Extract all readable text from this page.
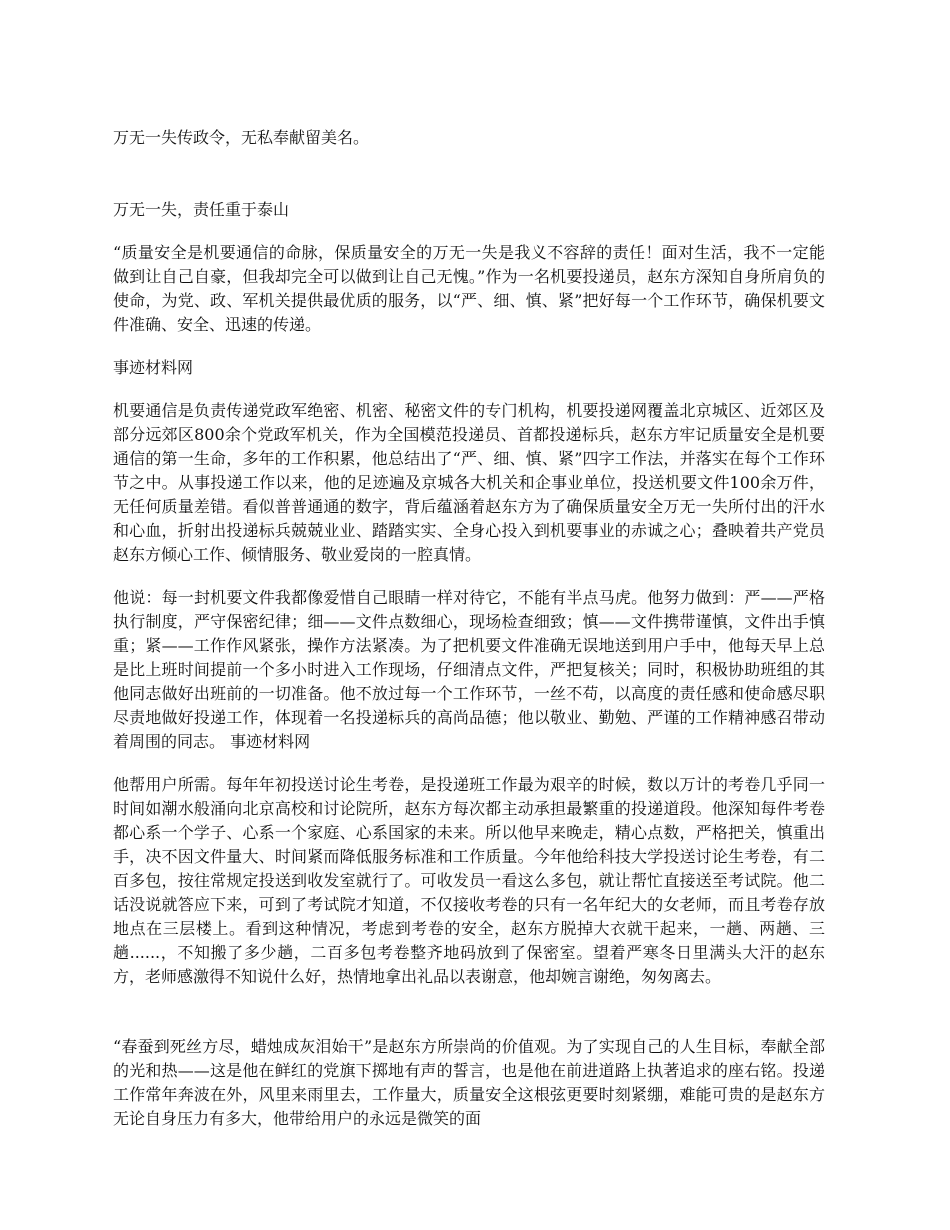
万无一失传政令，无私奉献留美名。

万无一失，责任重于泰山

“质量安全是机要通信的命脉，保质量安全的万无一失是我义不容辞的责任！面对生活，我不一定能做到让自己自豪，但我却完全可以做到让自己无愧。”作为一名机要投递员，赵东方深知自身所肩负的使命，为党、政、军机关提供最优质的服务，以“严、细、慎、紧”把好每一个工作环节，确保机要文件准确、安全、迅速的传递。

事迹材料网

机要通信是负责传递党政军绝密、机密、秘密文件的专门机构，机要投递网覆盖北京城区、近郊区及部分远郊区800余个党政军机关，作为全国模范投递员、首都投递标兵，赵东方牢记质量安全是机要通信的第一生命，多年的工作积累，他总结出了“严、细、慎、紧”四字工作法，并落实在每个工作环节之中。从事投递工作以来，他的足迹遍及京城各大机关和企事业单位，投送机要文件100余万件，无任何质量差错。看似普普通通的数字，背后蕴涵着赵东方为了确保质量安全万无一失所付出的汗水和心血，折射出投递标兵兢兢业业、踏踏实实、全身心投入到机要事业的赤诚之心；叠映着共产党员赵东方倾心工作、倾情服务、敬业爱岗的一腔真情。

他说：每一封机要文件我都像爱惜自己眼睛一样对待它，不能有半点马虎。他努力做到：严——严格执行制度，严守保密纪律；细——文件点数细心，现场检查细致；慎——文件携带谨慎，文件出手慎重；紧——工作作风紧张，操作方法紧凑。为了把机要文件准确无误地送到用户手中，他每天早上总是比上班时间提前一个多小时进入工作现场，仔细清点文件，严把复核关；同时，积极协助班组的其他同志做好出班前的一切准备。他不放过每一个工作环节，一丝不苟，以高度的责任感和使命感尽职尽责地做好投递工作，体现着一名投递标兵的高尚品德；他以敬业、勤勉、严谨的工作精神感召带动着周围的同志。 事迹材料网

他帮用户所需。每年年初投送讨论生考卷，是投递班工作最为艰辛的时候，数以万计的考卷几乎同一时间如潮水般涌向北京高校和讨论院所，赵东方每次都主动承担最繁重的投递道段。他深知每件考卷都心系一个学子、心系一个家庭、心系国家的未来。所以他早来晚走，精心点数，严格把关，慎重出手，决不因文件量大、时间紧而降低服务标准和工作质量。今年他给科技大学投送讨论生考卷，有二百多包，按往常规定投送到收发室就行了。可收发员一看这么多包，就让帮忙直接送至考试院。他二话没说就答应下来，可到了考试院才知道，不仅接收考卷的只有一名年纪大的女老师，而且考卷存放地点在三层楼上。看到这种情况，考虑到考卷的安全，赵东方脱掉大衣就干起来，一趟、两趟、三趟......，不知搬了多少趟，二百多包考卷整齐地码放到了保密室。望着严寒冬日里满头大汗的赵东方，老师感激得不知说什么好，热情地拿出礼品以表谢意，他却婉言谢绝，匆匆离去。

“春蚕到死丝方尽，蜡烛成灰泪始干”是赵东方所崇尚的价值观。为了实现自己的人生目标，奉献全部的光和热——这是他在鲜红的党旗下掷地有声的誓言，也是他在前进道路上执著追求的座右铭。投递工作常年奔波在外，风里来雨里去，工作量大，质量安全这根弦更要时刻紧绷，难能可贵的是赵东方无论自身压力有多大，他带给用户的永远是微笑的面
